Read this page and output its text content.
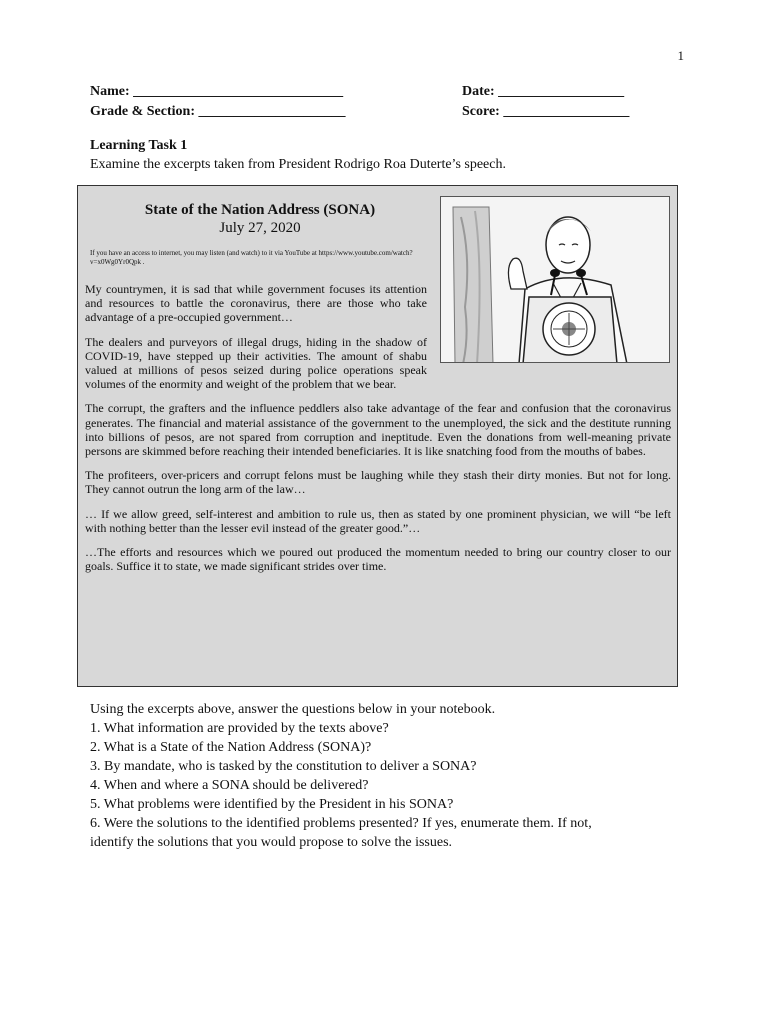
1
Name: ______________________________	Date: __________________
Grade & Section: _____________________	Score: __________________
Learning Task 1
Examine the excerpts taken from President Rodrigo Roa Duterte’s speech.
State of the Nation Address (SONA)
July 27, 2020
If you have an access to internet, you may listen (and watch) to it via YouTube at https://www.youtube.com/watch?v=x0Wg0Yr0Qpk .

My countrymen, it is sad that while government focuses its attention and resources to battle the coronavirus, there are those who take advantage of a pre-occupied government…

The dealers and purveyors of illegal drugs, hiding in the shadow of COVID-19, have stepped up their activities. The amount of shabu valued at millions of pesos seized during police operations speak volumes of the enormity and weight of the problem that we bear.

The corrupt, the grafters and the influence peddlers also take advantage of the fear and confusion that the coronavirus generates. The financial and material assistance of the government to the unemployed, the sick and the destitute running into billions of pesos, are not spared from corruption and ineptitude. Even the donations from well-meaning private persons are skimmed before reaching their intended beneficiaries. It is like snatching food from the mouths of babes.

The profiteers, over-pricers and corrupt felons must be laughing while they stash their dirty monies. But not for long. They cannot outrun the long arm of the law…

… If we allow greed, self-interest and ambition to rule us, then as stated by one prominent physician, we will “be left with nothing better than the lesser evil instead of the greater good.”…

…The efforts and resources which we poured out produced the momentum needed to bring our country closer to our goals. Suffice it to state, we made significant strides over time.

Using the excerpts above, answer the questions below in your notebook.
1. What information are provided by the texts above?
2. What is a State of the Nation Address (SONA)?
3. By mandate, who is tasked by the constitution to deliver a SONA?
4. When and where a SONA should be delivered?
5. What problems were identified by the President in his SONA?
6. Were the solutions to the identified problems presented? If yes, enumerate them. If not, identify the solutions that you would propose to solve the issues.
